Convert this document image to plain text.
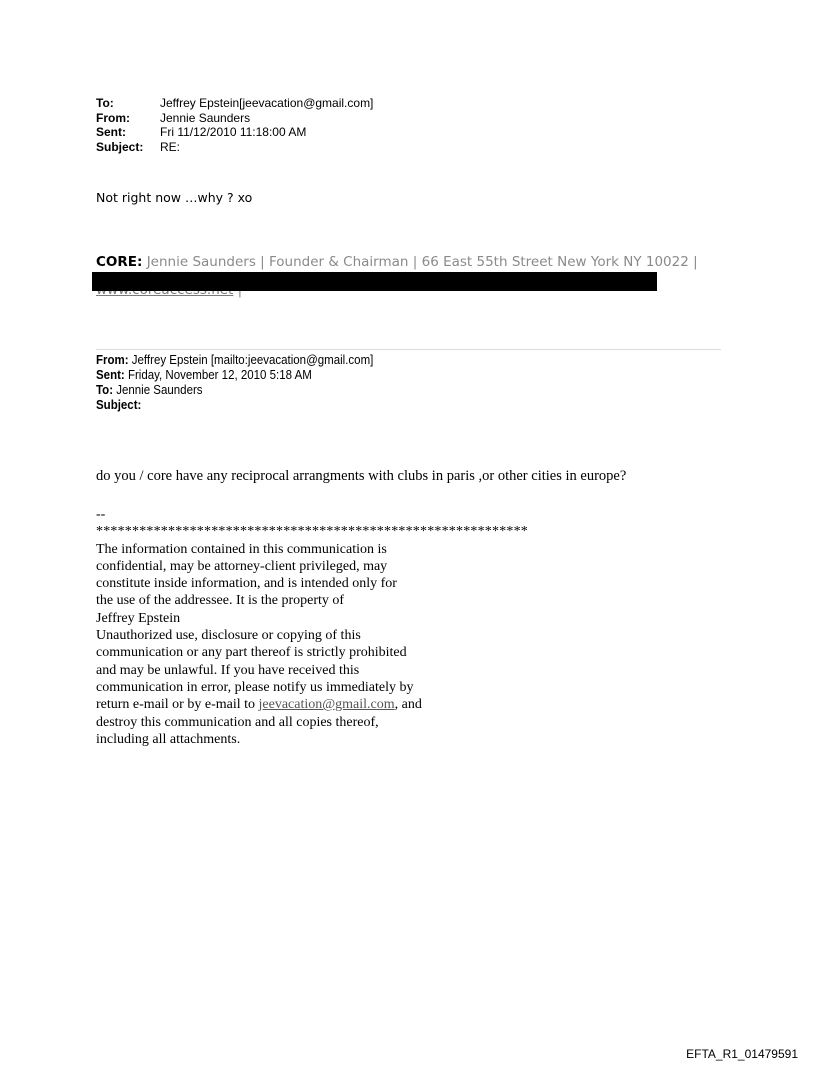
To:	Jeffrey Epstein[jeevacation@gmail.com]
From:	Jennie Saunders
Sent:	Fri 11/12/2010 11:18:00 AM
Subject:	RE:
Not right now …why ? xo
CORE: Jennie Saunders | Founder & Chairman | 66 East 55th Street New York NY 10022 |
From: Jeffrey Epstein [mailto:jeevacation@gmail.com]
Sent: Friday, November 12, 2010 5:18 AM
To: Jennie Saunders
Subject:
do you / core have any reciprocal arrangments with clubs in paris ,or other cities in europe?
--
************************************************************
The information contained in this communication is
confidential, may be attorney-client privileged, may
constitute inside information, and is intended only for
the use of the addressee. It is the property of
Jeffrey Epstein
Unauthorized use, disclosure or copying of this
communication or any part thereof is strictly prohibited
and may be unlawful. If you have received this
communication in error, please notify us immediately by
return e-mail or by e-mail to jeevacation@gmail.com, and
destroy this communication and all copies thereof,
including all attachments.
EFTA_R1_01479591
